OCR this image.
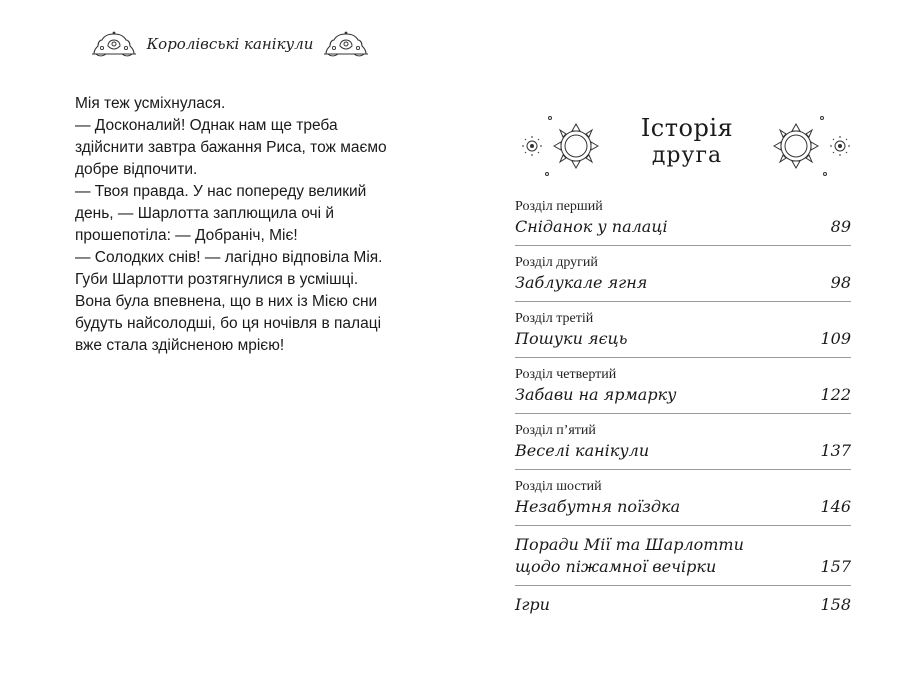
Королівські канікули

Мія теж усміхнулася.

— Досконалий! Однак нам ще треба здійснити завтра бажання Риса, тож маємо добре відпочити.

— Твоя правда. У нас попереду великий день, — Шарлотта заплющила очі й прошепотіла: — Добраніч, Міє!

— Солодких снів! — лагідно відповіла Мія.

Губи Шарлотти розтягнулися в усмішці. Вона була впевнена, що в них із Мією сни будуть найсолодші, бо ця ночівля в палаці вже стала здійсненою мрією!

Історія
друга
Розділ перший
Сніданок у палаці	89
Розділ другий
Заблукале ягня	98
Розділ третій
Пошуки яєць	109
Розділ четвертий
Забави на ярмарку	122
Розділ п’ятий
Веселі канікули	137
Розділ шостий
Незабутня поїздка	146
Поради Мії та Шарлотти
щодо піжамної вечірки	157
Ігри	158
